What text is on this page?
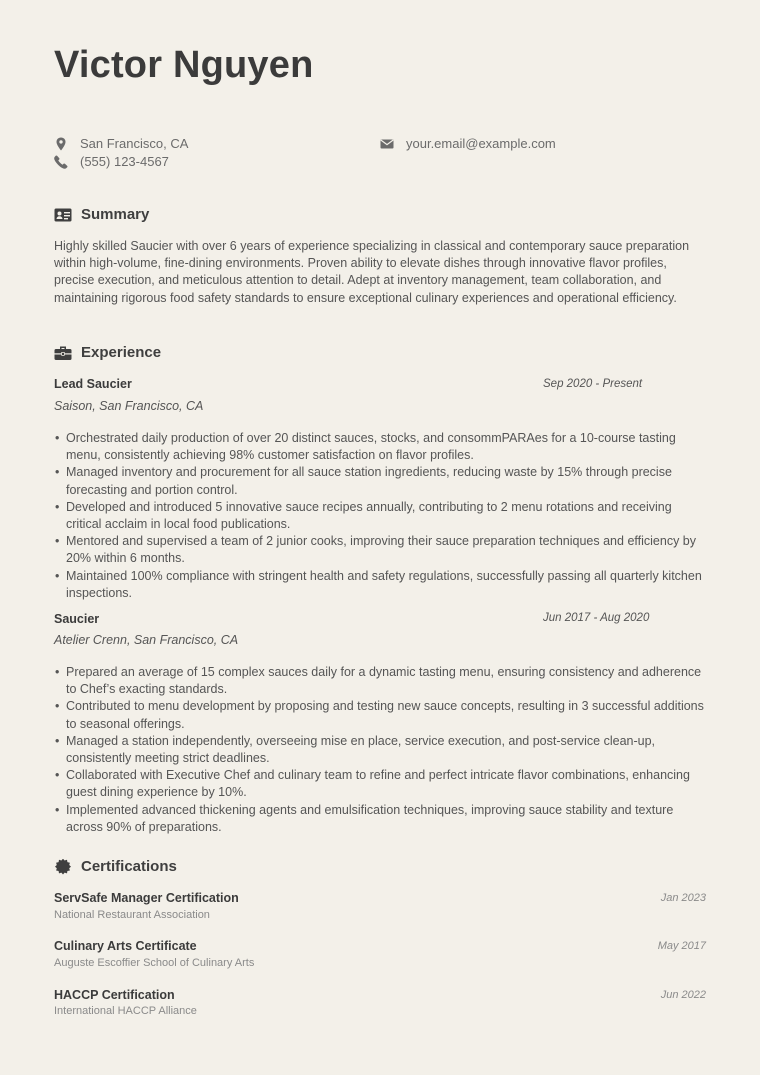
Victor Nguyen
San Francisco, CA	your.email@example.com
(555) 123-4567
Summary

Highly skilled Saucier with over 6 years of experience specializing in classical and contemporary sauce preparation within high-volume, fine-dining environments. Proven ability to elevate dishes through innovative flavor profiles, precise execution, and meticulous attention to detail. Adept at inventory management, team collaboration, and maintaining rigorous food safety standards to ensure exceptional culinary experiences and operational efficiency.

Experience
Lead Saucier	Sep 2020 - Present
Saison, San Francisco, CA
• Orchestrated daily production of over 20 distinct sauces, stocks, and consommPARAes for a 10-course tasting menu, consistently achieving 98% customer satisfaction on flavor profiles.
• Managed inventory and procurement for all sauce station ingredients, reducing waste by 15% through precise forecasting and portion control.
• Developed and introduced 5 innovative sauce recipes annually, contributing to 2 menu rotations and receiving critical acclaim in local food publications.
• Mentored and supervised a team of 2 junior cooks, improving their sauce preparation techniques and efficiency by 20% within 6 months.
• Maintained 100% compliance with stringent health and safety regulations, successfully passing all quarterly kitchen inspections.
Saucier	Jun 2017 - Aug 2020
Atelier Crenn, San Francisco, CA
• Prepared an average of 15 complex sauces daily for a dynamic tasting menu, ensuring consistency and adherence to Chef’s exacting standards.
• Contributed to menu development by proposing and testing new sauce concepts, resulting in 3 successful additions to seasonal offerings.
• Managed a station independently, overseeing mise en place, service execution, and post-service clean-up, consistently meeting strict deadlines.
• Collaborated with Executive Chef and culinary team to refine and perfect intricate flavor combinations, enhancing guest dining experience by 10%.
• Implemented advanced thickening agents and emulsification techniques, improving sauce stability and texture across 90% of preparations.
Certifications
ServSafe Manager Certification	Jan 2023
National Restaurant Association
Culinary Arts Certificate	May 2017
Auguste Escoffier School of Culinary Arts
HACCP Certification	Jun 2022
International HACCP Alliance
